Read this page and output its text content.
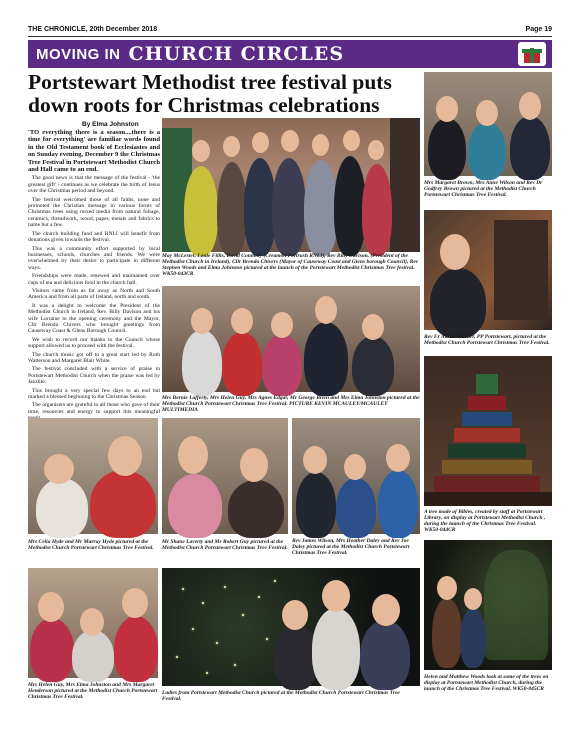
THE CHRONICLE, 20th December 2018	Page 19
MOVING IN CHURCH CIRCLES
Portstewart Methodist tree festival puts down roots for Christmas celebrations
By Elma Johnston

'TO everything there is a season....there is a time for everything' are familiar words found in the Old Testament book of Ecclesiastes and on Sunday evening, December 9 the Christmas Tree Festival in Portstewart Methodist Church and Hall came to an end.

The good news is that the message of the festival - 'the greatest gift' - continues as we celebrate the birth of Jesus over the Christmas period and beyond.

The festival welcomed those of all faiths, none and promoted the Christian message in various forms of Christmas trees using mixed media from natural foliage, ceramics, threadwork, wood, paper, metals and fabrics to name but a few.

The church building fund and RNLI will benefit from donations given towards the festival.

This was a community effort supported by local businesses, schools, churches and friends. We were overwhelmed by their desire to participate in different ways.

Friendships were made, renewed and maintained over cups of tea and delicious food in the church hall.

Visitors came from as far away as North and South America and from all parts of Ireland, north and south.

It was a delight to welcome the President of the Methodist Church in Ireland, Rev. Billy Davison and his wife Lorraine to the opening ceremony and the Mayor, Cllr Brenda Chivers who brought greetings from Causeway Coast & Glens Borough Council.

We wish to record our thanks to the Council whose support allowed us to proceed with the festival.

The church music got off to a great start led by Ruth Watterson and Margaret Blair White.

The festival concluded with a service of praise in Portstewart Methodist Church when the praise was led by Jazzlite.

This brought a very special few days to an end but marked a blessed beginning to the Christmas Season.

The organisers are grateful to all those who gave of their time, resources and energy to support this meaningful

May McLester, Louie Fillis, David Connolly (Creamon Portrush RNLI), Rev Billy Davison, (President of the Methodist Church in Ireland), Cllr Brenda Chivers (Mayor of Causeway Coast and Glens borough Council), Rev Stephen Woods and Elma Johnston pictured at the launch of the Portstewart Methodist Christmas Tree festival. WK50-043CR
Mrs Margaret Brown, Mrs Anne Wilson and Rev Dr Godfrey Brown pictured at the Methodist Church Portstewart Christmas Tree Festival.
Rev Fr Austin McGirr, PP Portstewart, pictured at the Methodist Church Portstewart Christmas Tree Festival.
Mrs Bernie Lafferty, Mrs Helen Guy, Mrs Agnes Edgar, Mr George Brien and Mrs Elma Johnston pictured at the Methodist Church Portstewart Christmas Tree Festival. PICTURE KEVIN MCAULEY/MCAULEY MULTIMEDIA
A tree made of Bibles, created by staff at Portstewart Library, on display at Portstewart Methodist Church , during the launch of the Christmas Tree Festival. WK50-044CR
Mrs Celia Hyde and Mr Murray Hyde pictured at the Methodist Church Portstewart Christmas Tree Festival.
Mr Shane Laverty and Mr Robert Guy pictured at the Methodist Church Portstewart Christmas Tree Festival.
Rev James Wilson, Mrs Heather Daley and Rev Joe Daley pictured at the Methodist Church Portstewart Christmas Tree Festival.
Helen and Matthew Woods look at some of the trees on display at Portstewart Methodist Church, during the launch of the Christmas Tree Festival. WK50-045CR
Mrs Helen Guy, Mrs Elma Johnston and Mrs Margaret Henderson pictured at the Methodist Church Portstewart Christmas Tree Festival.
Ladies from Portstewart Methodist Church pictured at the Methodist Church Portstewart Christmas Tree Festival.
